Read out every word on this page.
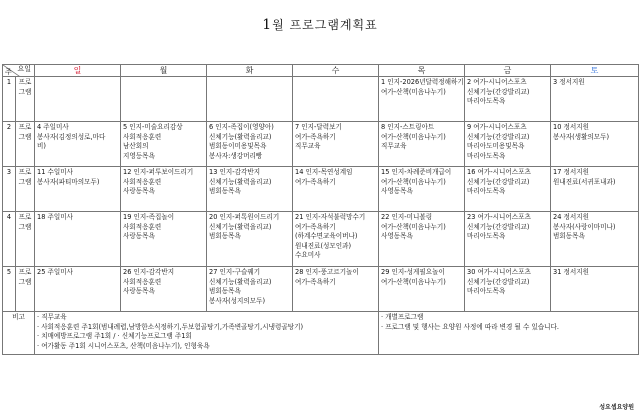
1월 프로그램계획표
요일
주		일	월	화	수	목	금	토
1	프로그램					1 인지-2026년달력정해하기
여가-산책(미음나누기)	2 여가-시니어스포츠
신체기능(간강발리교)
마리아도목욕	3 정서지원

2	프로그램	4 주일미사
봉사자(김정의성로,마다
비)	5 인지-미술요리감상
사회적응훈련
남산회의
지영등목욕	6 인지-족집이(영양아)
신체기능(활력을리교)
범회동이미용및목욕
봉사자:생강머리빵	7 인지-달력보기
여가-족욕하기
직무교육	8 인지-스트링아트
여가-산책(미음나누기)
직무교육	9 여가-시니어스포츠
신체기능(간강발리교)
마리아도미용및목욕
마리아도목욕	10 정서지원
봉사자(생활의모두)

3	프로그램	11 수일미사
봉사자(파티마의모두)	12 인지-퍼투보이드리기
사회적응훈련
사랑동목욕	13 인지-감각반지
신체기능(활력을리교)
범회동목욕	14 인지-목연성계임
여가-족욕하기	15 인지-차례준비개급이
여가-산책(미음나누기)
사영동목욕	16 여가-시니어스포츠
신체기능(간강발리교)
마리아도목욕	17 정서지원
원내진료(서귀포내과)

4	프로그램	18 주일미사	19 인지-족집놀이
사회적응훈련
사랑동목욕	20 인지-퍼톡원이드리기
신체기능(활력을리교)
범회동목욕	21 인지-자석불럭망수기
여가-족욕하기
(하계수면교육이버나)
원내진료(성모인과)
수요미사	22 인지-미니볼링
여가-산책(미음나누기)
사영동목욕	23 여가-시니어스포츠
신체기능(간강발리교)
마리아도목욕	24 정서지원
봉사자(사랑이마미나)
범회동목욕

5	프로그램	25 주일미사	26 인지-감각반지
사회적응훈련
사랑동목욕	27 인지-구슬꿰기
신체기능(활력을리교)
범회동목욕
봉사자(성지의모두)	28 인지-풍고르기놀이
여가-족욕하기	29 인지-성게필요놀이
여가-산책(미음나누기)	30 여가-시니어스포츠
신체기능(간강발리교)
마리아도목욕	31 정서지원

비고		· 직무교육
· 사회적응훈련 주1회(범내례렵,남방한소식정하기,두보험골탕기,가족변골탕기,시냉령골탕기)
· 치매예방프로그램 주1회 / · 신체기능프로그램 주1회
· 여가활동 주1회 시니어스포츠, 산책(미음나누기), 인형육욕				· 개별프로그램
· 프로그램 및 행사는 요양원 사정에 따라 변경 될 수 있습니다.		
성요셉요양원
